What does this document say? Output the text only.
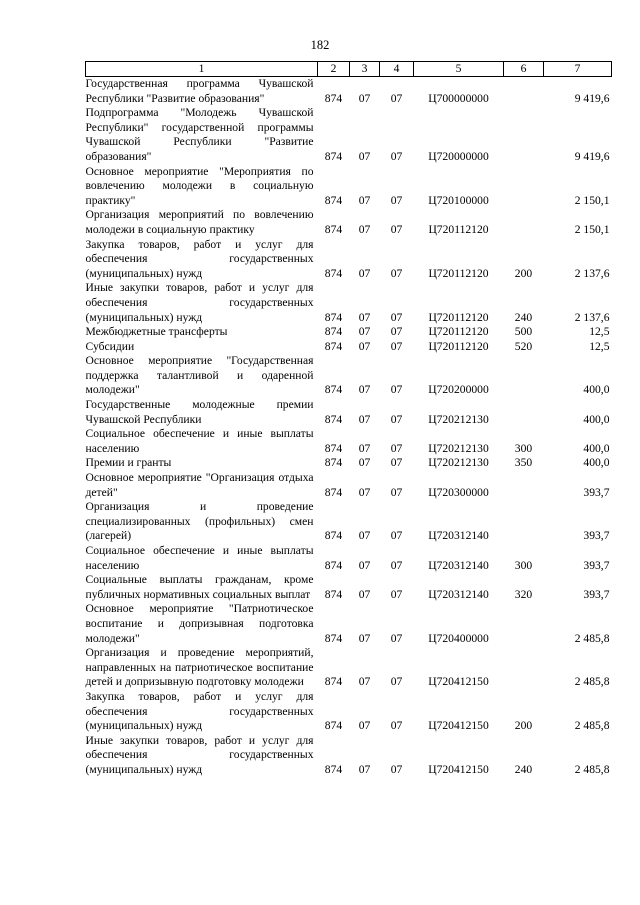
182
1	2	3	4	5	6	7
Государственная программа Чувашской Республики "Развитие образования"	874	07	07	Ц700000000		9 419,6
Подпрограмма "Молодежь Чувашской Республики" государственной программы Чувашской Республики "Развитие образования"	874	07	07	Ц720000000		9 419,6
Основное мероприятие "Мероприятия по вовлечению молодежи в социальную практику"	874	07	07	Ц720100000		2 150,1
Организация мероприятий по вовлечению молодежи в социальную практику	874	07	07	Ц720112120		2 150,1
Закупка товаров, работ и услуг для обеспечения государственных (муниципальных) нужд	874	07	07	Ц720112120	200	2 137,6
Иные закупки товаров, работ и услуг для обеспечения государственных (муниципальных) нужд	874	07	07	Ц720112120	240	2 137,6
Межбюджетные трансферты	874	07	07	Ц720112120	500	12,5
Субсидии	874	07	07	Ц720112120	520	12,5
Основное мероприятие "Государственная поддержка талантливой и одаренной молодежи"	874	07	07	Ц720200000		400,0
Государственные молодежные премии Чувашской Республики	874	07	07	Ц720212130		400,0
Социальное обеспечение и иные выплаты населению	874	07	07	Ц720212130	300	400,0
Премии и гранты	874	07	07	Ц720212130	350	400,0
Основное мероприятие "Организация отдыха детей"	874	07	07	Ц720300000		393,7
Организация и проведение специализированных (профильных) смен (лагерей)	874	07	07	Ц720312140		393,7
Социальное обеспечение и иные выплаты населению	874	07	07	Ц720312140	300	393,7
Социальные выплаты гражданам, кроме публичных нормативных социальных выплат	874	07	07	Ц720312140	320	393,7
Основное мероприятие "Патриотическое воспитание и допризывная подготовка молодежи"	874	07	07	Ц720400000		2 485,8
Организация и проведение мероприятий, направленных на патриотическое воспитание детей и допризывную подготовку молодежи	874	07	07	Ц720412150		2 485,8
Закупка товаров, работ и услуг для обеспечения государственных (муниципальных) нужд	874	07	07	Ц720412150	200	2 485,8
Иные закупки товаров, работ и услуг для обеспечения государственных (муниципальных) нужд	874	07	07	Ц720412150	240	2 485,8
